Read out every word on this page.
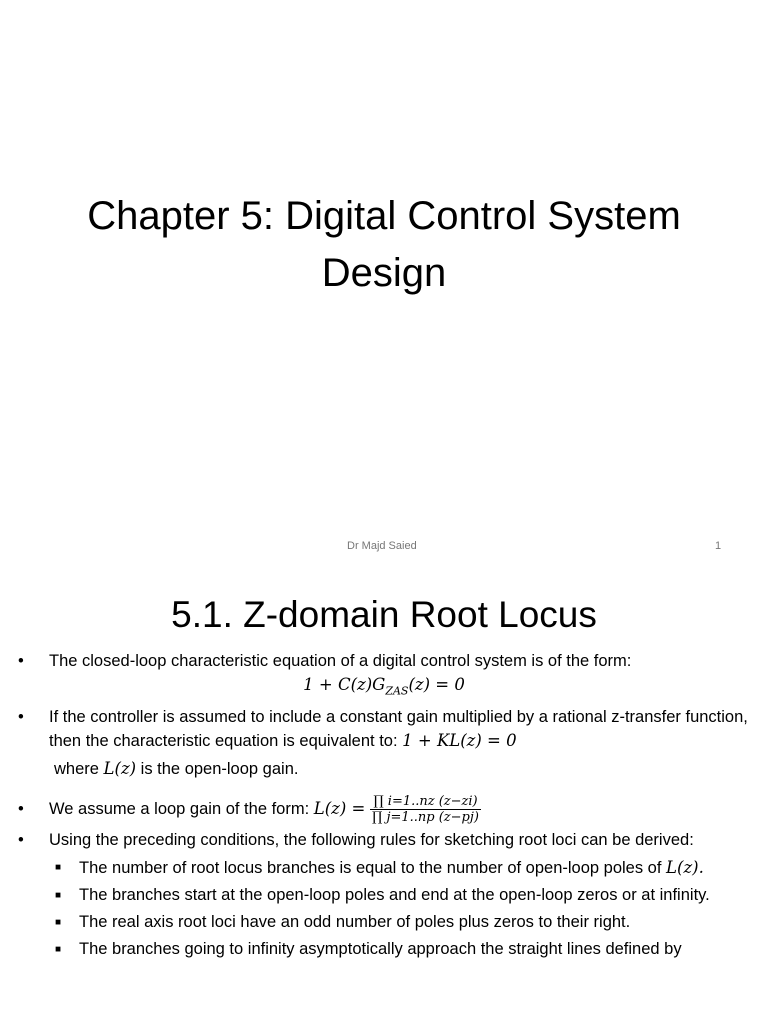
Chapter 5: Digital Control System Design
Dr Majd Saied	1
5.1. Z-domain Root Locus
• The closed-loop characteristic equation of a digital control system is of the form:
$1 + C(z)G_{ZAS}(z) = 0$
• If the controller is assumed to include a constant gain multiplied by a rational z-transfer function, then the characteristic equation is equivalent to: 1 + KL(z) = 0
where L(z) is the open-loop gain.
• We assume a loop gain of the form: $L(z) = \frac{\prod i=1..nz (z-zi)}{\prod j=1..np (z-pj)}$
• Using the preceding conditions, the following rules for sketching root loci can be derived:
■ The number of root locus branches is equal to the number of open-loop poles of L(z).
■ The branches start at the open-loop poles and end at the open-loop zeros or at infinity.
■ The real axis root loci have an odd number of poles plus zeros to their right.
■ The branches going to infinity asymptotically approach the straight lines defined by
